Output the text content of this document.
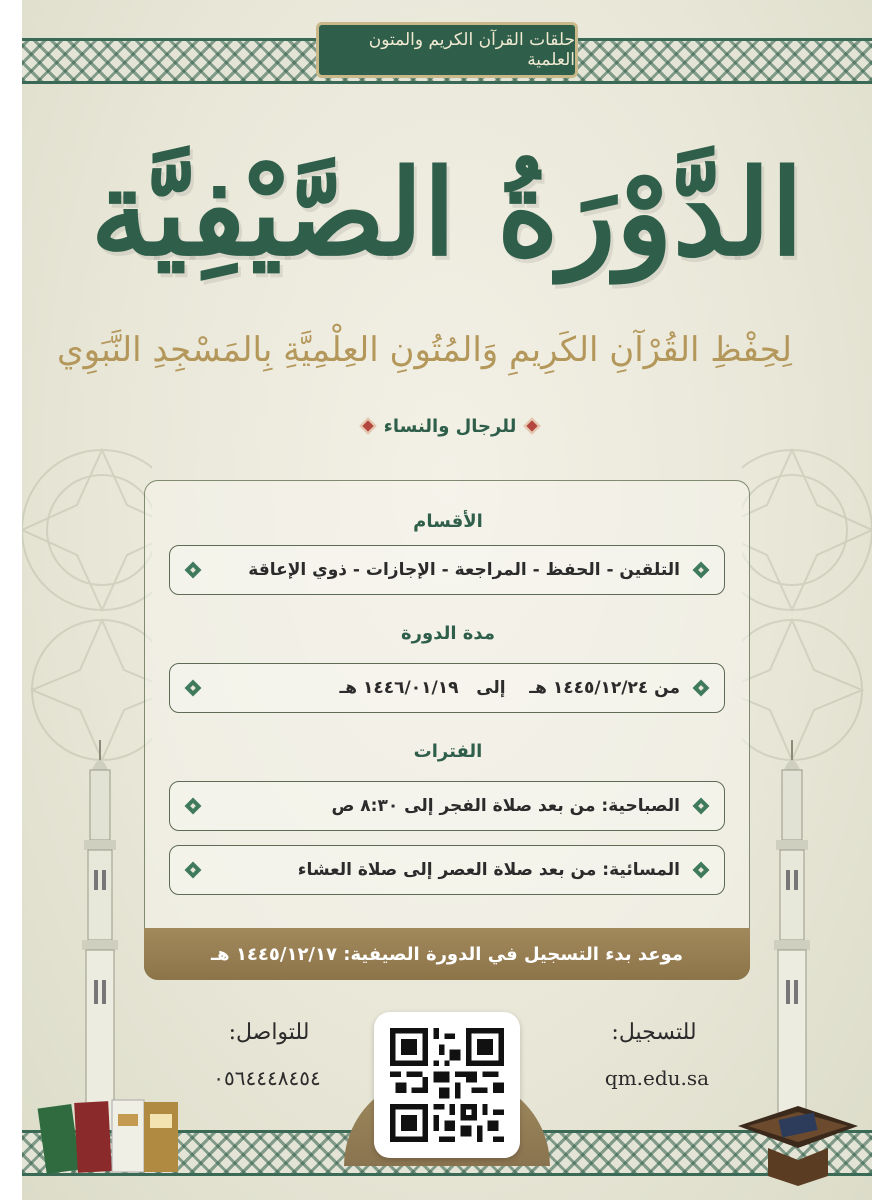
حلقات القرآن الكريم والمتون العلمية
الدَّوْرَةُ الصَّيْفِيَّة
لِحِفْظِ القُرْآنِ الكَرِيمِ وَالمُتُونِ العِلْمِيَّةِ بِالمَسْجِدِ النَّبَوِي
للرجال والنساء
الأقسام
التلقين - الحفظ - المراجعة - الإجازات - ذوي الإعاقة
مدة الدورة
من ١٤٤٥/١٢/٢٤ هـ    إلى   ١٤٤٦/٠١/١٩ هـ
الفترات
الصباحية: من بعد صلاة الفجر إلى ٨:٣٠ ص
المسائية: من بعد صلاة العصر إلى صلاة العشاء
موعد بدء التسجيل في الدورة الصيفية: ١٤٤٥/١٢/١٧ هـ
للتواصل:
٠٥٦٤٤٤٨٤٥٤
للتسجيل:
qm.edu.sa
